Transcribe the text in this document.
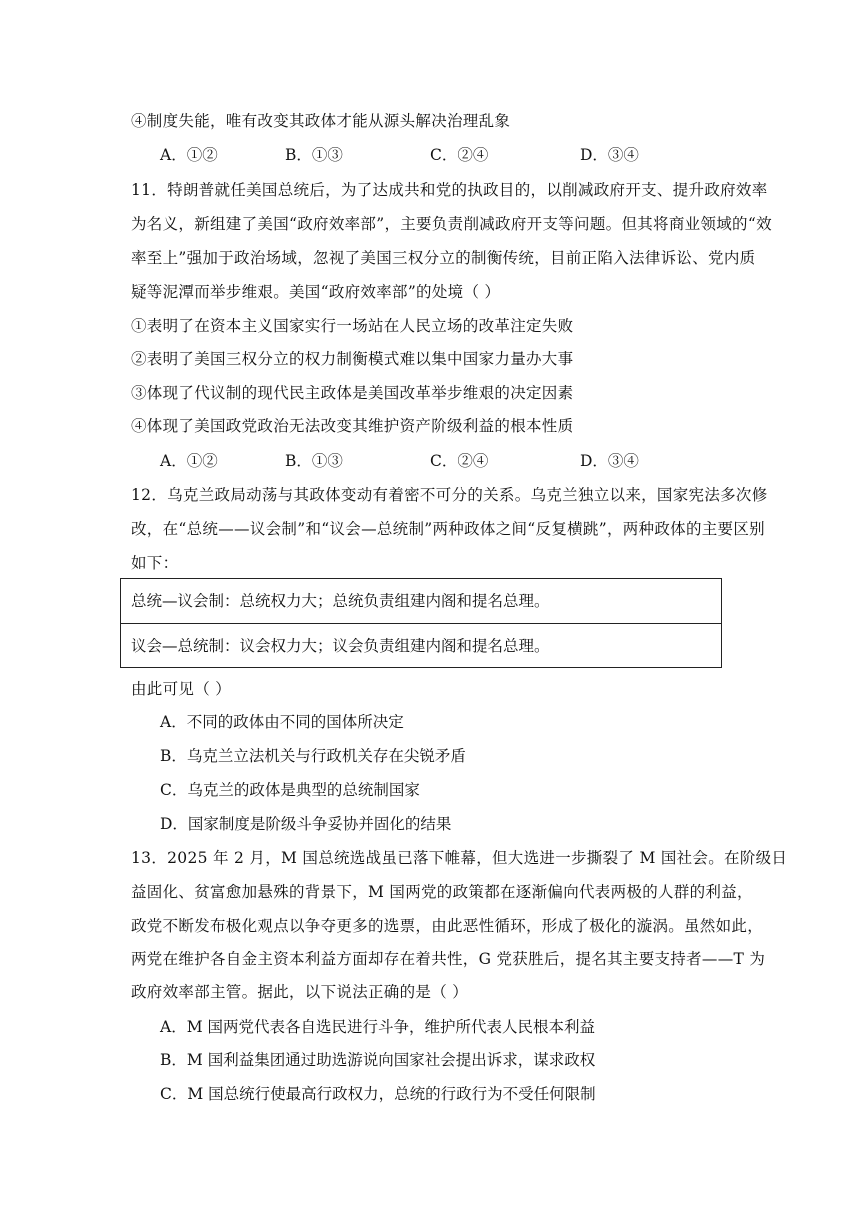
④制度失能，唯有改变其政体才能从源头解决治理乱象
A．①②	B．①③	C．②④	D．③④
11．特朗普就任美国总统后，为了达成共和党的执政目的，以削减政府开支、提升政府效率
为名义，新组建了美国“政府效率部”，主要负责削减政府开支等问题。但其将商业领域的“效
率至上”强加于政治场域，忽视了美国三权分立的制衡传统，目前正陷入法律诉讼、党内质
疑等泥潭而举步维艰。美国“政府效率部”的处境（ ）
①表明了在资本主义国家实行一场站在人民立场的改革注定失败
②表明了美国三权分立的权力制衡模式难以集中国家力量办大事
③体现了代议制的现代民主政体是美国改革举步维艰的决定因素
④体现了美国政党政治无法改变其维护资产阶级利益的根本性质
A．①②	B．①③	C．②④	D．③④
12．乌克兰政局动荡与其政体变动有着密不可分的关系。乌克兰独立以来，国家宪法多次修
改，在“总统——议会制”和“议会—总统制”两种政体之间“反复横跳”，两种政体的主要区别
如下：
总统—议会制：总统权力大；总统负责组建内阁和提名总理。
议会—总统制：议会权力大；议会负责组建内阁和提名总理。
由此可见（ ）
A．不同的政体由不同的国体所决定
B．乌克兰立法机关与行政机关存在尖锐矛盾
C．乌克兰的政体是典型的总统制国家
D．国家制度是阶级斗争妥协并固化的结果
13．2025 年 2 月，M 国总统选战虽已落下帷幕，但大选进一步撕裂了 M 国社会。在阶级日
益固化、贫富愈加悬殊的背景下，M 国两党的政策都在逐渐偏向代表两极的人群的利益，
政党不断发布极化观点以争夺更多的选票，由此恶性循环，形成了极化的漩涡。虽然如此，
两党在维护各自金主资本利益方面却存在着共性，G 党获胜后，提名其主要支持者——T 为
政府效率部主管。据此，以下说法正确的是（ ）
A．M 国两党代表各自选民进行斗争，维护所代表人民根本利益
B．M 国利益集团通过助选游说向国家社会提出诉求，谋求政权
C．M 国总统行使最高行政权力，总统的行政行为不受任何限制
